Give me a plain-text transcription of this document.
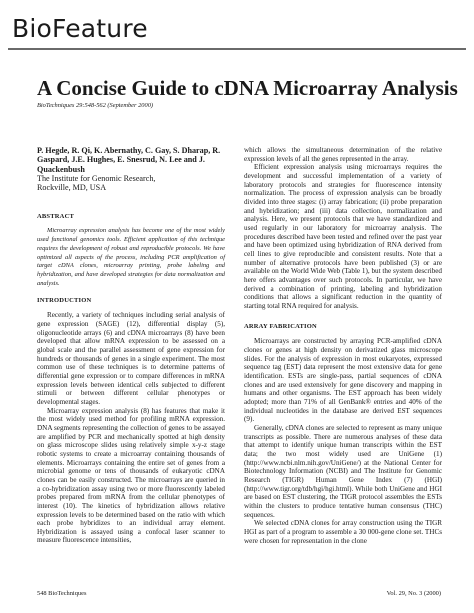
BioFeature
A Concise Guide to cDNA Microarray Analysis
BioTechniques 29:548-562 (September 2000)
P. Hegde, R. Qi, K. Abernathy, C. Gay, S. Dharap, R. Gaspard, J.E. Hughes, E. Snesrud, N. Lee and J. Quackenbush
The Institute for Genomic Research,
Rockville, MD, USA
ABSTRACT

Microarray expression analysis has become one of the most widely used functional genomics tools. Efficient application of this technique requires the development of robust and reproducible protocols. We have optimized all aspects of the process, including PCR amplification of target cDNA clones, microarray printing, probe labeling and hybridization, and have developed strategies for data normalization and analysis.

INTRODUCTION

Recently, a variety of techniques including serial analysis of gene expression (SAGE) (12), differential display (5), oligonucleotide arrays (6) and cDNA microarrays (8) have been developed that allow mRNA expression to be assessed on a global scale and the parallel assessment of gene expression for hundreds or thousands of genes in a single experiment. The most common use of these techniques is to determine patterns of differential gene expression or to compare differences in mRNA expression levels between identical cells subjected to different stimuli or between different cellular phenotypes or developmental stages.

Microarray expression analysis (8) has features that make it the most widely used method for profiling mRNA expression. DNA segments representing the collection of genes to be assayed are amplified by PCR and mechanically spotted at high density on glass microscope slides using relatively simple x-y-z stage robotic systems to create a microarray containing thousands of elements. Microarrays containing the entire set of genes from a microbial genome or tens of thousands of eukaryotic cDNA clones can be easily constructed. The microarrays are queried in a co-hybridization assay using two or more fluorescently labeled probes prepared from mRNA from the cellular phenotypes of interest (10). The kinetics of hybridization allows relative expression levels to be determined based on the ratio with which each probe hybridizes to an individual array element. Hybridization is assayed using a confocal laser scanner to measure fluorescence intensities,

which allows the simultaneous determination of the relative expression levels of all the genes represented in the array.

Efficient expression analysis using microarrays requires the development and successful implementation of a variety of laboratory protocols and strategies for fluorescence intensity normalization. The process of expression analysis can be broadly divided into three stages: (i) array fabrication; (ii) probe preparation and hybridization; and (iii) data collection, normalization and analysis. Here, we present protocols that we have standardized and used regularly in our laboratory for microarray analysis. The procedures described have been tested and refined over the past year and have been optimized using hybridization of RNA derived from cell lines to give reproducible and consistent results. Note that a number of alternative protocols have been published (3) or are available on the World Wide Web (Table 1), but the system described here offers advantages over such protocols. In particular, we have derived a combination of printing, labeling and hybridization conditions that allows a significant reduction in the quantity of starting total RNA required for analysis.

ARRAY FABRICATION

Microarrays are constructed by arraying PCR-amplified cDNA clones or genes at high density on derivatized glass microscope slides. For the analysis of expression in most eukaryotes, expressed sequence tag (EST) data represent the most extensive data for gene identification. ESTs are single-pass, partial sequences of cDNA clones and are used extensively for gene discovery and mapping in humans and other organisms. The EST approach has been widely adopted; more than 71% of all GenBank® entries and 40% of the individual nucleotides in the database are derived EST sequences (9).

Generally, cDNA clones are selected to represent as many unique transcripts as possible. There are numerous analyses of these data that attempt to identify unique human transcripts within the EST data; the two most widely used are UniGene (1) (http://www.ncbi.nlm.nih.gov/UniGene/) at the National Center for Biotechnology Information (NCBI) and The Institute for Genomic Research (TIGR) Human Gene Index (7) (HGI) (http://www.tigr.org/tdb/hgi/hgi.html). While both UniGene and HGI are based on EST clustering, the TIGR protocol assembles the ESTs within the clusters to produce tentative human consensus (THC) sequences.

We selected cDNA clones for array construction using the TIGR HGI as part of a program to assemble a 30 000-gene clone set. THCs were chosen for representation in the clone

548 BioTechniques	Vol. 29, No. 3 (2000)
